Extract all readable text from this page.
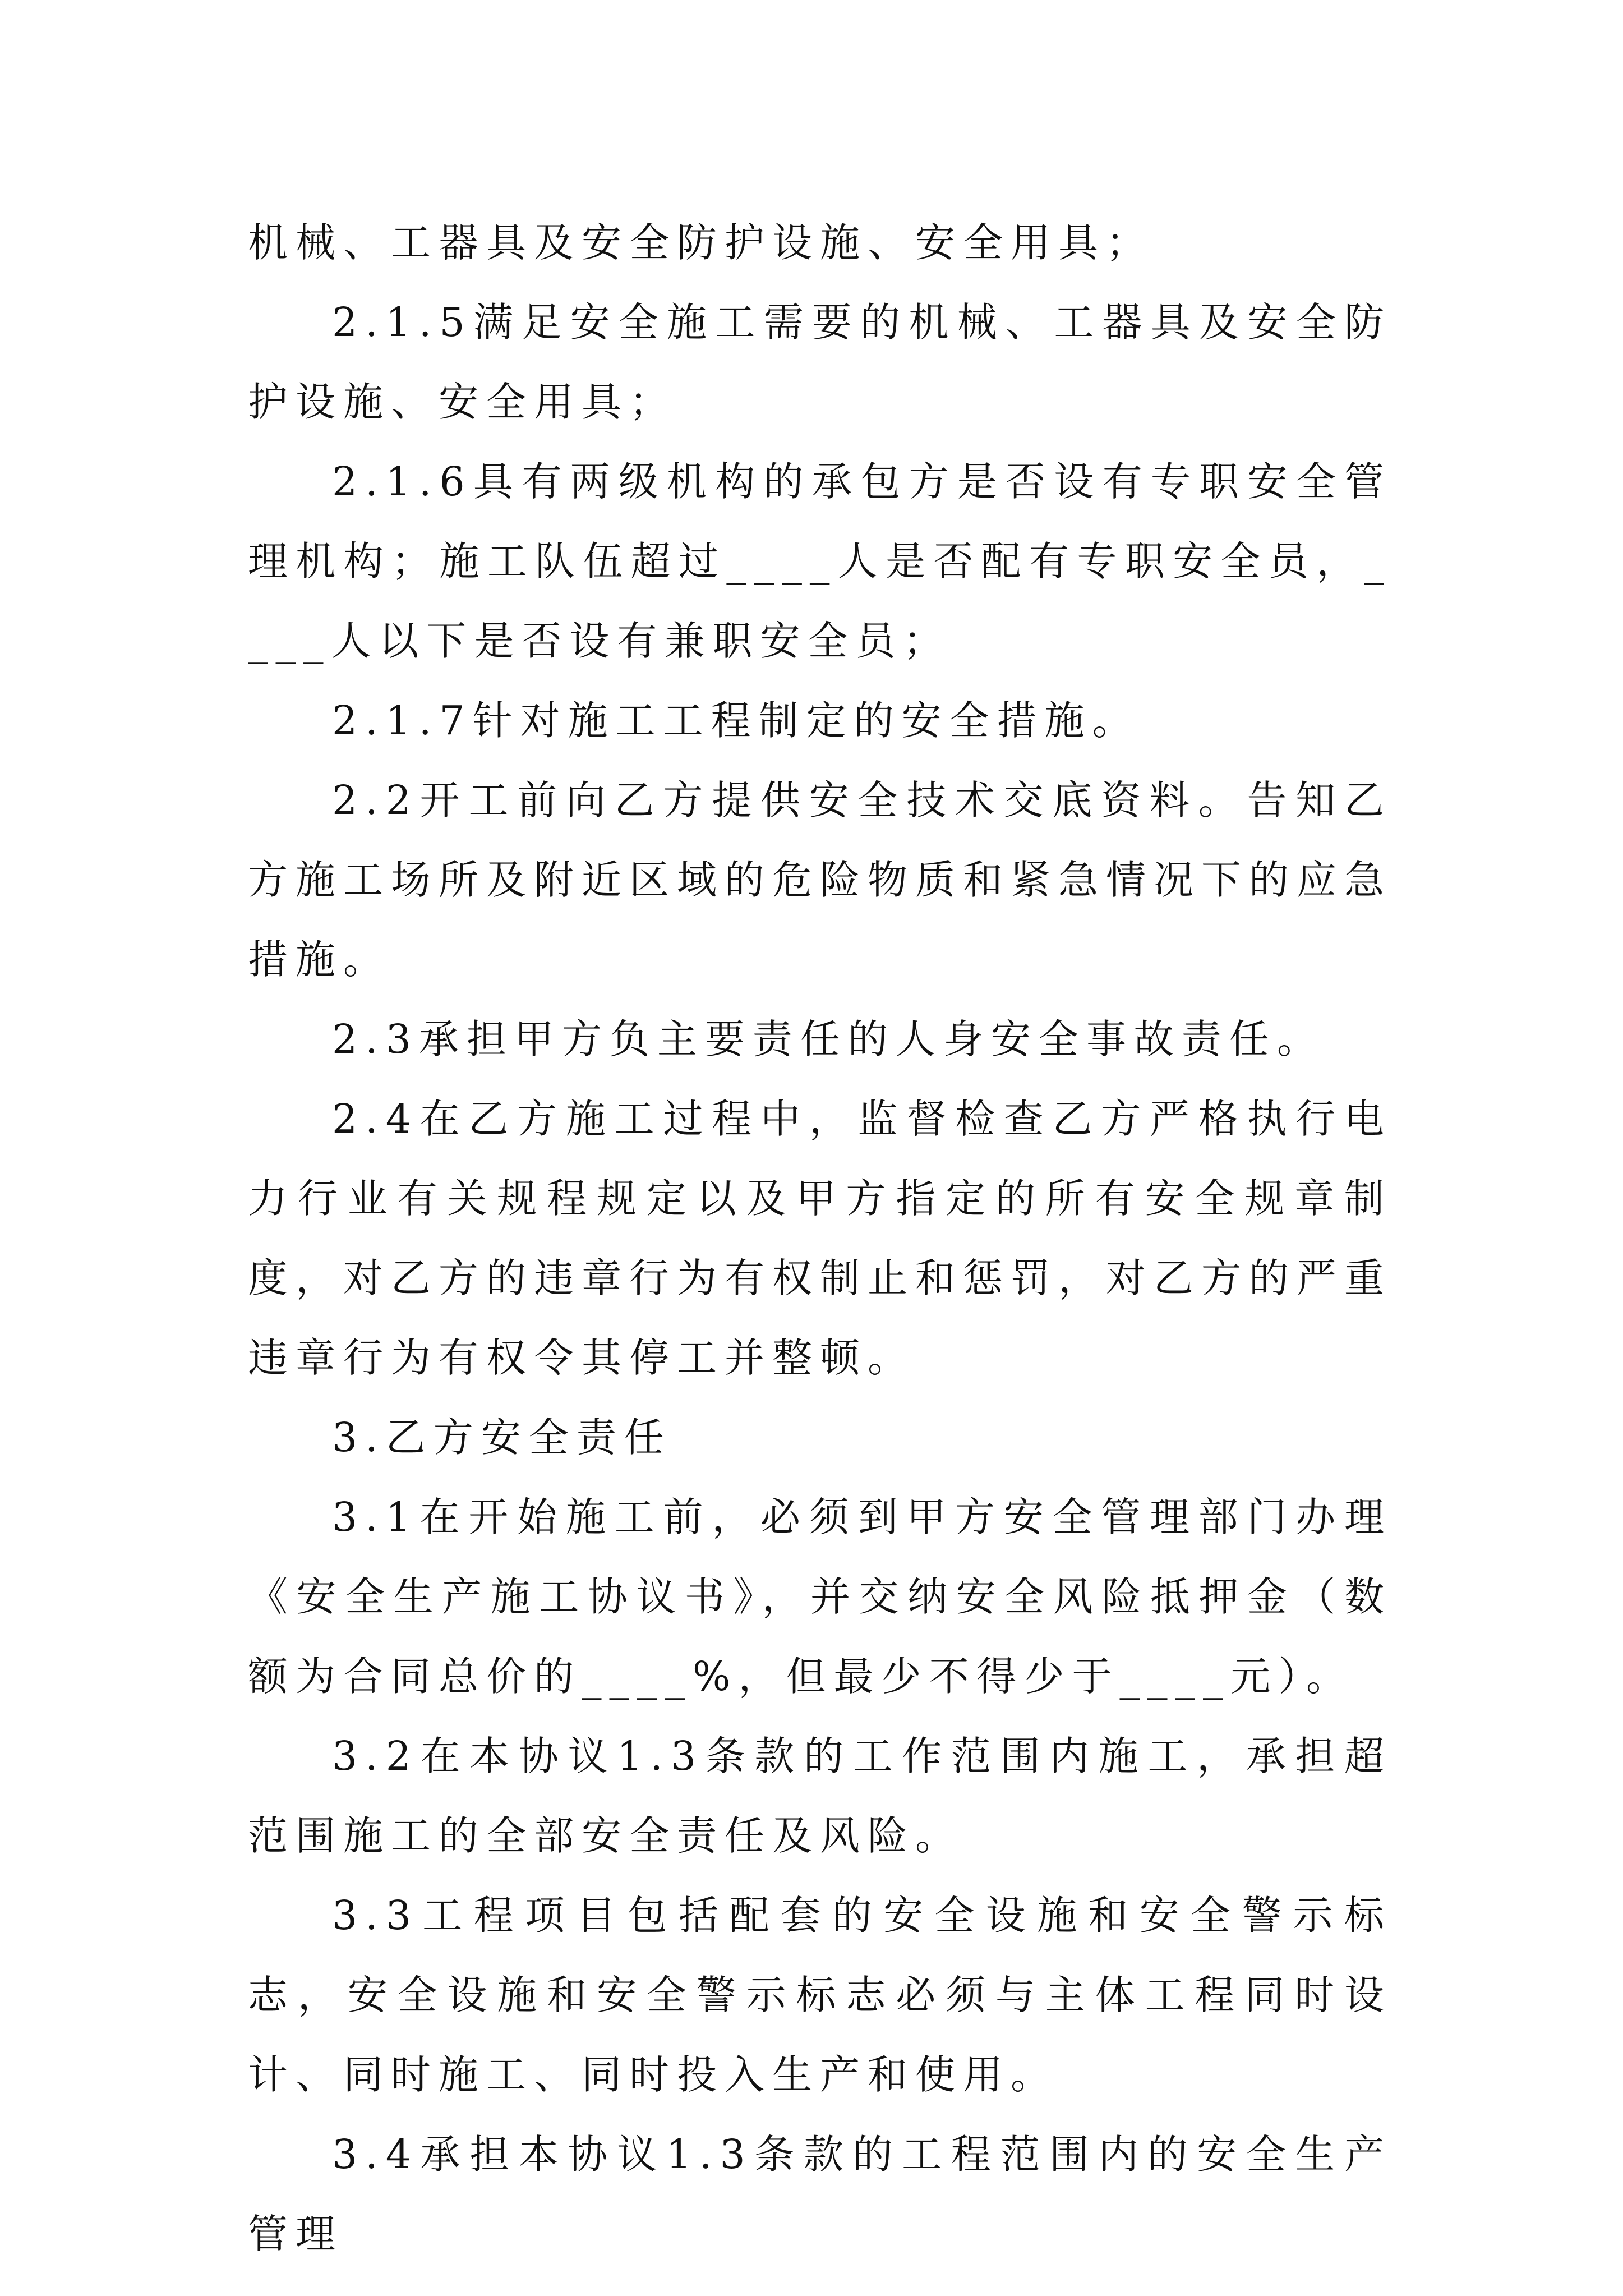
机械、工器具及安全防护设施、安全用具；

2.1.5满足安全施工需要的机械、工器具及安全防护设施、安全用具；

2.1.6具有两级机构的承包方是否设有专职安全管理机构；施工队伍超过____人是否配有专职安全员，____人以下是否设有兼职安全员；

2.1.7针对施工工程制定的安全措施。

2.2开工前向乙方提供安全技术交底资料。告知乙方施工场所及附近区域的危险物质和紧急情况下的应急措施。

2.3承担甲方负主要责任的人身安全事故责任。

2.4在乙方施工过程中，监督检查乙方严格执行电力行业有关规程规定以及甲方指定的所有安全规章制度，对乙方的违章行为有权制止和惩罚，对乙方的严重违章行为有权令其停工并整顿。

3.乙方安全责任

3.1在开始施工前，必须到甲方安全管理部门办理《安全生产施工协议书》，并交纳安全风险抵押金（数额为合同总价的____%，但最少不得少于____元）。

3.2在本协议1.3条款的工作范围内施工，承担超范围施工的全部安全责任及风险。

3.3工程项目包括配套的安全设施和安全警示标志，安全设施和安全警示标志必须与主体工程同时设计、同时施工、同时投入生产和使用。

3.4承担本协议1.3条款的工程范围内的安全生产管理
